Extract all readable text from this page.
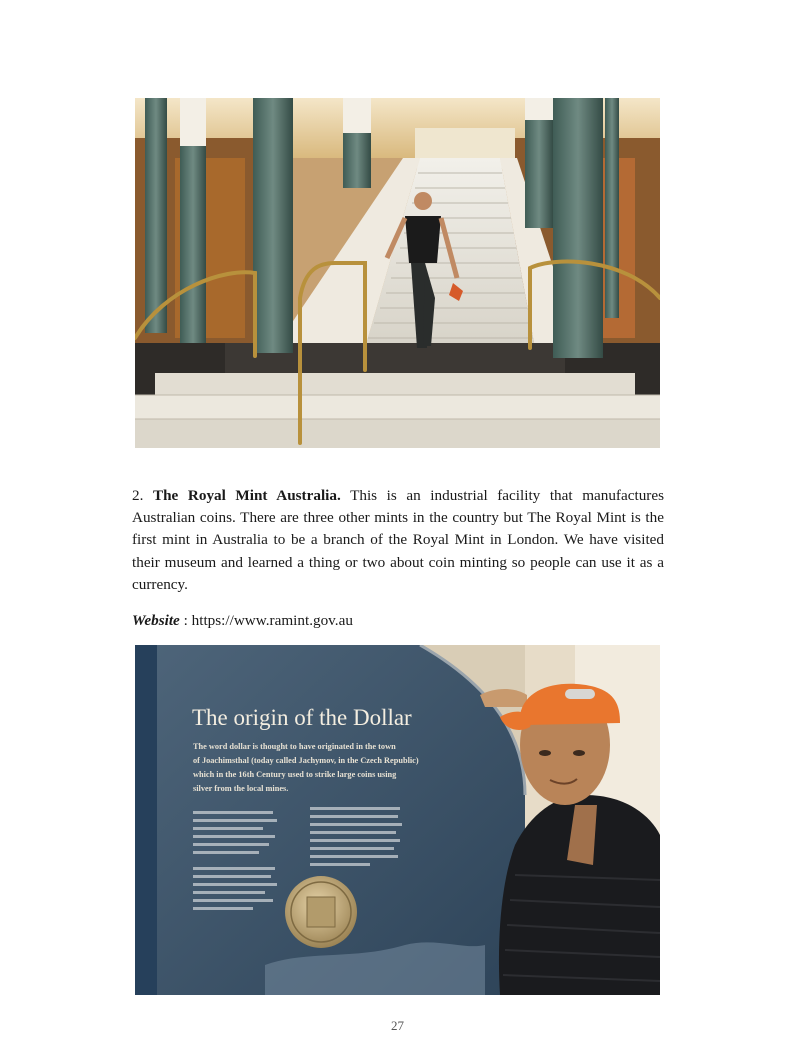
2. The Royal Mint Australia. This is an industrial facility that manufactures Australian coins. There are three other mints in the country but The Royal Mint is the first mint in Australia to be a branch of the Royal Mint in London. We have visited their museum and learned a thing or two about coin minting so people can use it as a currency.
Website : https://www.ramint.gov.au
The origin of the Dollar
The word dollar is thought to have originated in the town
of Joachimsthal (today called Jachymov, in the Czech Republic)
which in the 16th Century used to strike large coins using
silver from the local mines.
27
